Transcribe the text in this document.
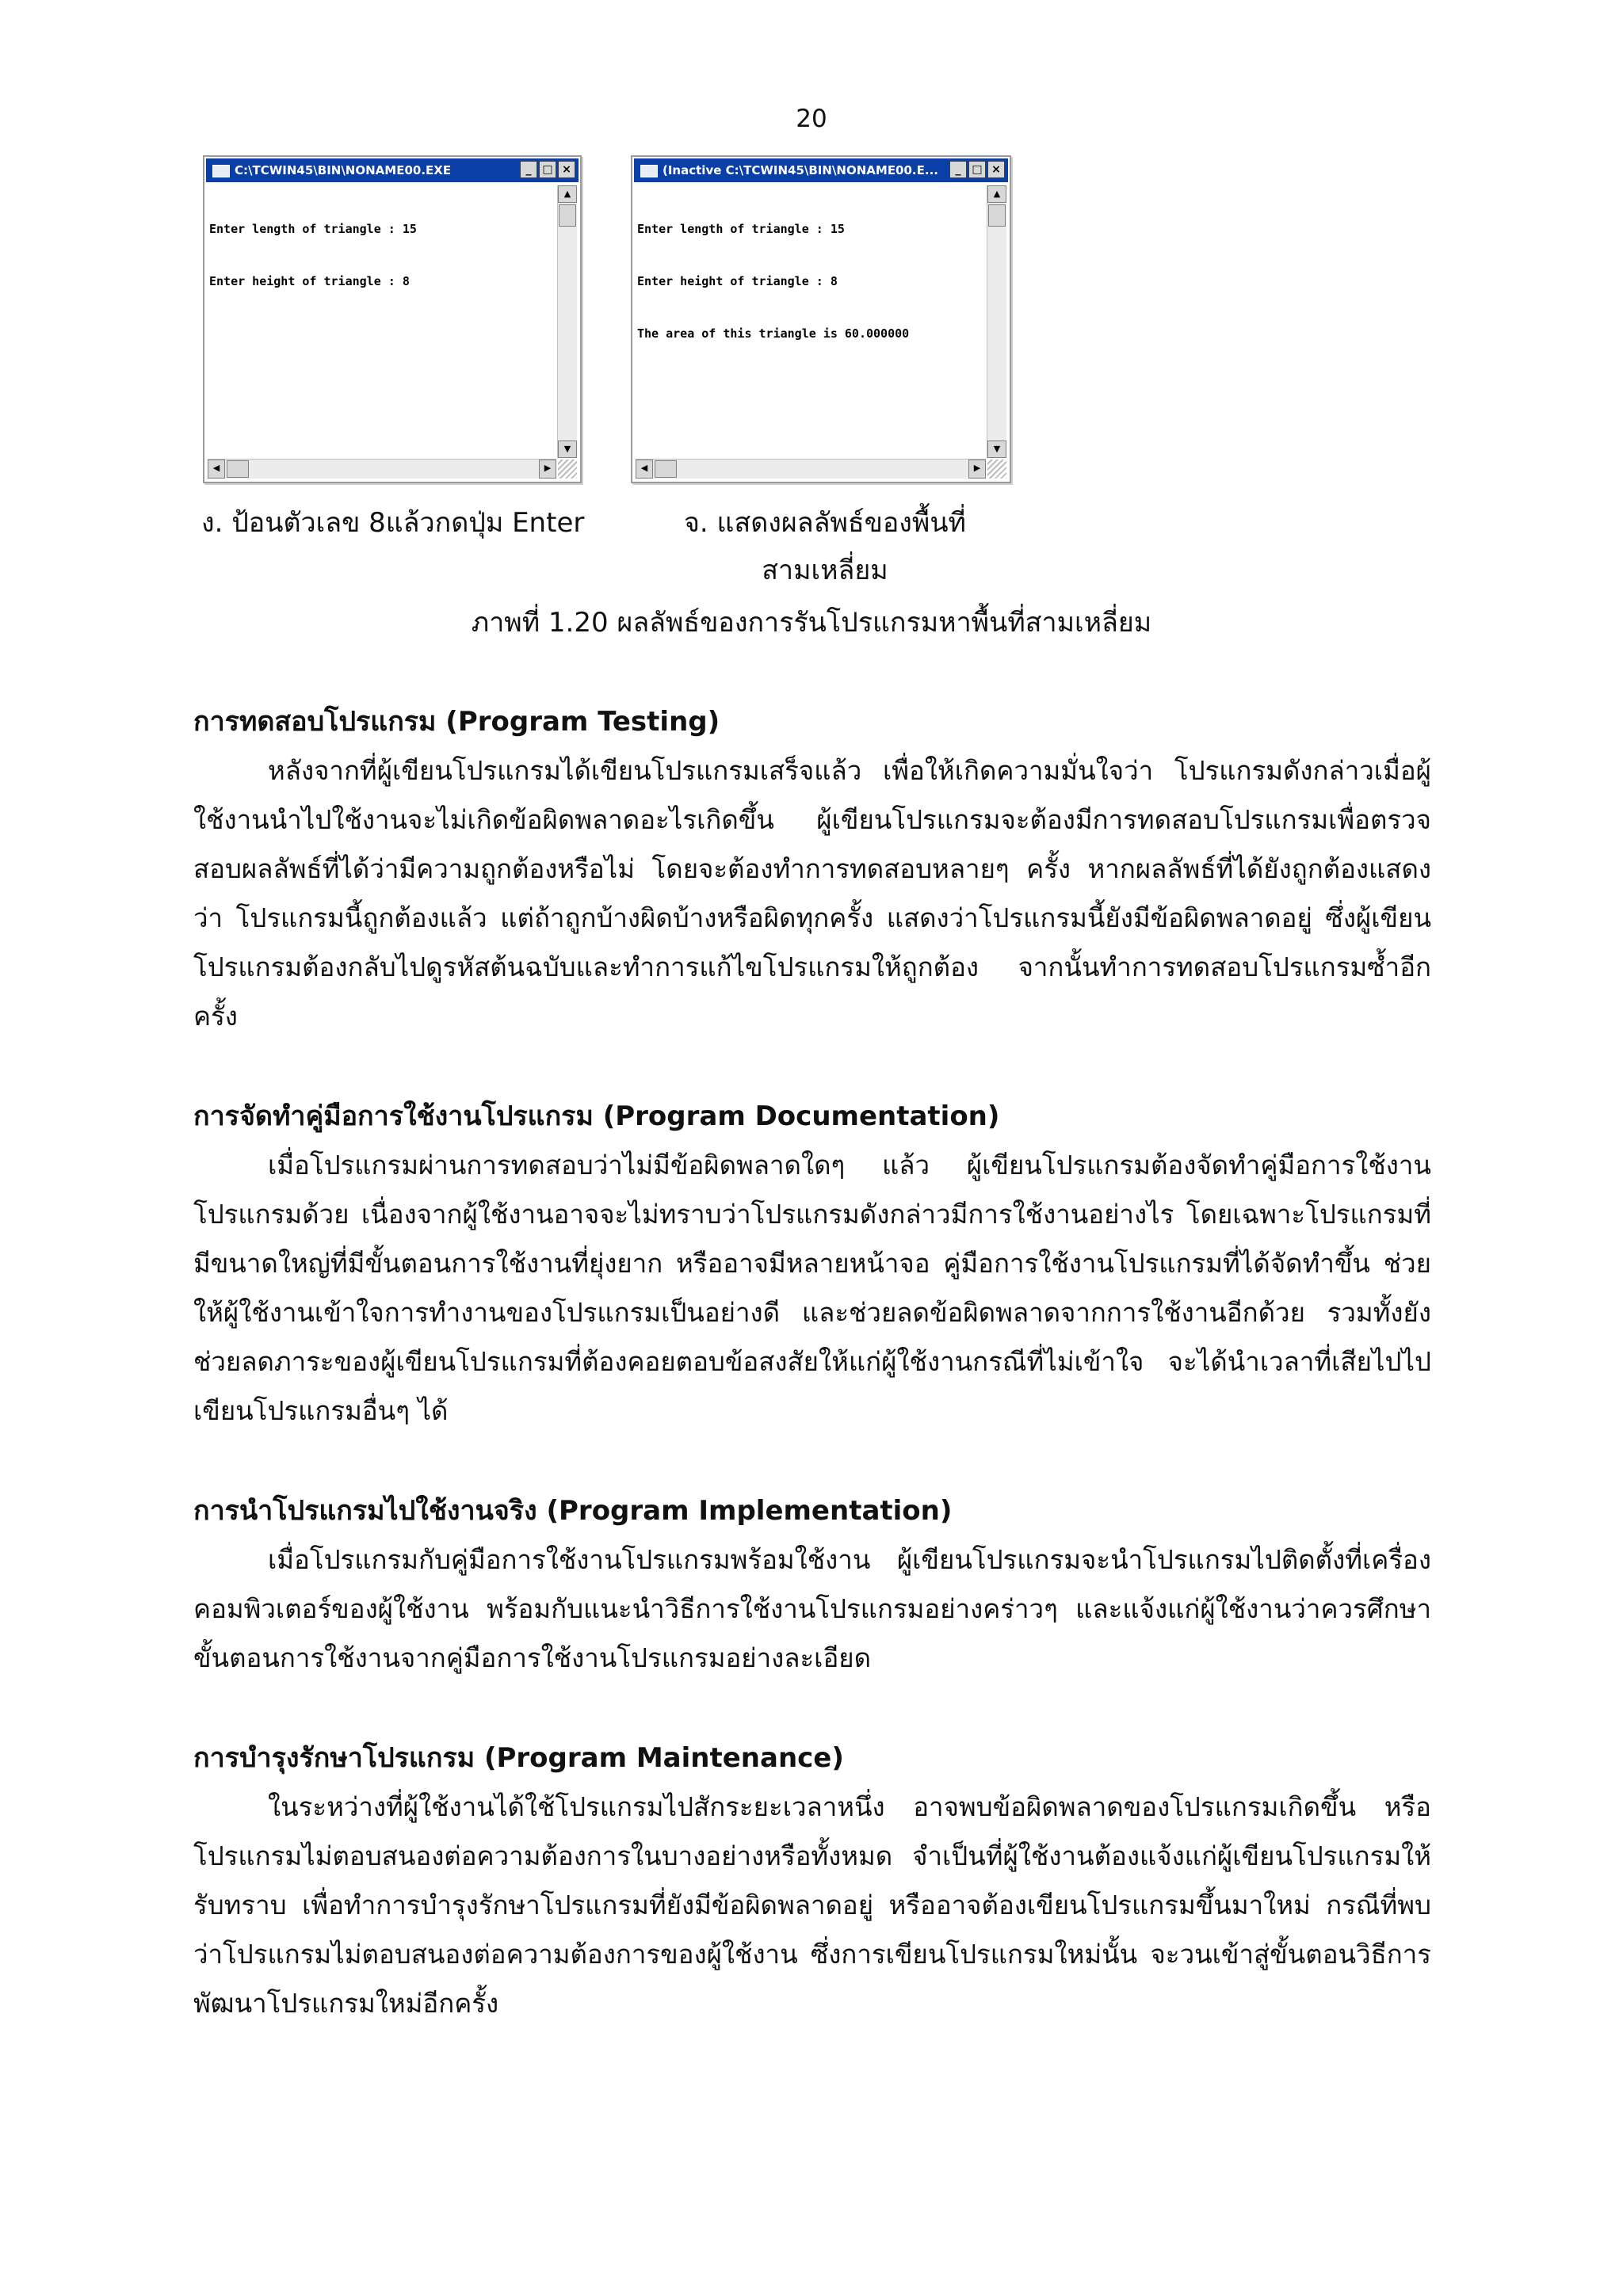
20
C:\TCWIN45\BIN\NONAME00.EXE	_ □ ×

Enter length of triangle : 15

Enter height of triangle : 8

▲
▼
◀	▶
(Inactive C:\TCWIN45\BIN\NONAME00.E...	_ □ ×

Enter length of triangle : 15

Enter height of triangle : 8

The area of this triangle is 60.000000

▲
▼
◀	▶
ง. ป้อนตัวเลข 8แล้วกดปุ่ม Enter	จ. แสดงผลลัพธ์ของพื้นที่สามเหลี่ยม
ภาพที่ 1.20 ผลลัพธ์ของการรันโปรแกรมหาพื้นที่สามเหลี่ยม
การทดสอบโปรแกรม (Program Testing)

หลังจากที่ผู้เขียนโปรแกรมได้เขียนโปรแกรมเสร็จแล้ว เพื่อให้เกิดความมั่นใจว่า โปรแกรมดังกล่าวเมื่อผู้ใช้งานนำไปใช้งานจะไม่เกิดข้อผิดพลาดอะไรเกิดขึ้น ผู้เขียนโปรแกรมจะต้องมีการทดสอบโปรแกรมเพื่อตรวจสอบผลลัพธ์ที่ได้ว่ามีความถูกต้องหรือไม่ โดยจะต้องทำการทดสอบหลายๆ ครั้ง หากผลลัพธ์ที่ได้ยังถูกต้องแสดงว่า โปรแกรมนี้ถูกต้องแล้ว แต่ถ้าถูกบ้างผิดบ้างหรือผิดทุกครั้ง แสดงว่าโปรแกรมนี้ยังมีข้อผิดพลาดอยู่ ซึ่งผู้เขียนโปรแกรมต้องกลับไปดูรหัสต้นฉบับและทำการแก้ไขโปรแกรมให้ถูกต้อง จากนั้นทำการทดสอบโปรแกรมซ้ำอีกครั้ง

การจัดทำคู่มือการใช้งานโปรแกรม (Program Documentation)

เมื่อโปรแกรมผ่านการทดสอบว่าไม่มีข้อผิดพลาดใดๆ แล้ว ผู้เขียนโปรแกรมต้องจัดทำคู่มือการใช้งานโปรแกรมด้วย เนื่องจากผู้ใช้งานอาจจะไม่ทราบว่าโปรแกรมดังกล่าวมีการใช้งานอย่างไร โดยเฉพาะโปรแกรมที่มีขนาดใหญ่ที่มีขั้นตอนการใช้งานที่ยุ่งยาก หรืออาจมีหลายหน้าจอ คู่มือการใช้งานโปรแกรมที่ได้จัดทำขึ้น ช่วยให้ผู้ใช้งานเข้าใจการทำงานของโปรแกรมเป็นอย่างดี และช่วยลดข้อผิดพลาดจากการใช้งานอีกด้วย รวมทั้งยังช่วยลดภาระของผู้เขียนโปรแกรมที่ต้องคอยตอบข้อสงสัยให้แก่ผู้ใช้งานกรณีที่ไม่เข้าใจ จะได้นำเวลาที่เสียไปไปเขียนโปรแกรมอื่นๆ ได้

การนำโปรแกรมไปใช้งานจริง (Program Implementation)

เมื่อโปรแกรมกับคู่มือการใช้งานโปรแกรมพร้อมใช้งาน ผู้เขียนโปรแกรมจะนำโปรแกรมไปติดตั้งที่เครื่องคอมพิวเตอร์ของผู้ใช้งาน พร้อมกับแนะนำวิธีการใช้งานโปรแกรมอย่างคร่าวๆ และแจ้งแก่ผู้ใช้งานว่าควรศึกษาขั้นตอนการใช้งานจากคู่มือการใช้งานโปรแกรมอย่างละเอียด

การบำรุงรักษาโปรแกรม (Program Maintenance)

ในระหว่างที่ผู้ใช้งานได้ใช้โปรแกรมไปสักระยะเวลาหนึ่ง อาจพบข้อผิดพลาดของโปรแกรมเกิดขึ้น หรือโปรแกรมไม่ตอบสนองต่อความต้องการในบางอย่างหรือทั้งหมด จำเป็นที่ผู้ใช้งานต้องแจ้งแก่ผู้เขียนโปรแกรมให้รับทราบ เพื่อทำการบำรุงรักษาโปรแกรมที่ยังมีข้อผิดพลาดอยู่ หรืออาจต้องเขียนโปรแกรมขึ้นมาใหม่ กรณีที่พบว่าโปรแกรมไม่ตอบสนองต่อความต้องการของผู้ใช้งาน ซึ่งการเขียนโปรแกรมใหม่นั้น จะวนเข้าสู่ขั้นตอนวิธีการพัฒนาโปรแกรมใหม่อีกครั้ง
